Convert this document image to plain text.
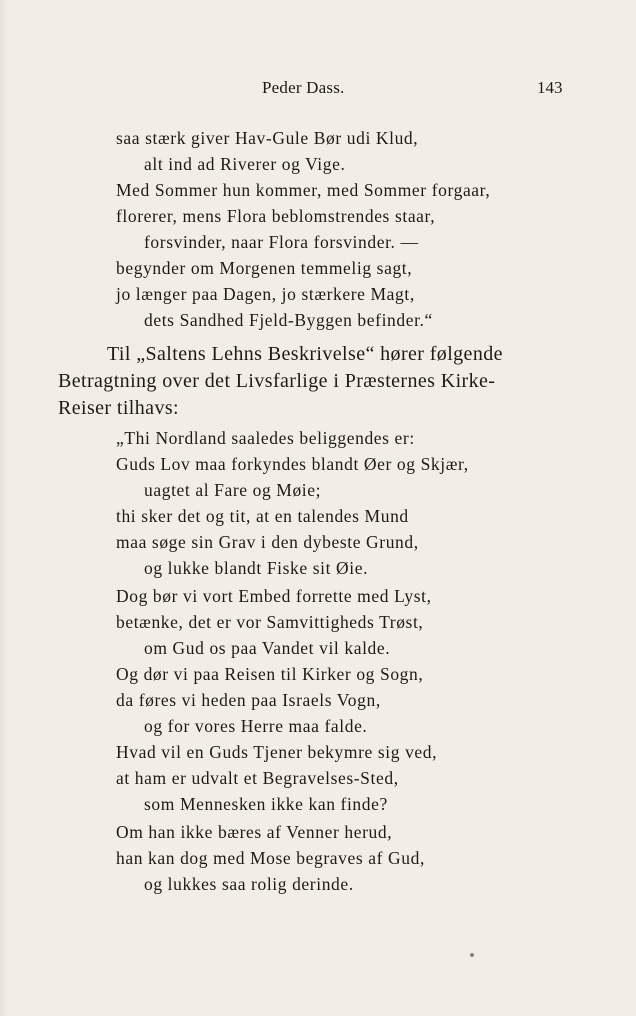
Peder Dass.	143
saa stærk giver Hav-Gule Bør udi Klud,
alt ind ad Riverer og Vige.
Med Sommer hun kommer, med Sommer forgaar,
florerer, mens Flora beblomstrendes staar,
forsvinder, naar Flora forsvinder. —
begynder om Morgenen temmelig sagt,
jo længer paa Dagen, jo stærkere Magt,
dets Sandhed Fjeld-Byggen befinder.“
Til „Saltens Lehns Beskrivelse“ hører følgende
Betragtning over det Livsfarlige i Præsternes Kirke-
Reiser tilhavs:
„Thi Nordland saaledes beliggendes er:
Guds Lov maa forkyndes blandt Øer og Skjær,
uagtet al Fare og Møie;
thi sker det og tit, at en talendes Mund
maa søge sin Grav i den dybeste Grund,
og lukke blandt Fiske sit Øie.
Dog bør vi vort Embed forrette med Lyst,
betænke, det er vor Samvittigheds Trøst,
om Gud os paa Vandet vil kalde.
Og dør vi paa Reisen til Kirker og Sogn,
da føres vi heden paa Israels Vogn,
og for vores Herre maa falde.
Hvad vil en Guds Tjener bekymre sig ved,
at ham er udvalt et Begravelses-Sted,
som Mennesken ikke kan finde?
Om han ikke bæres af Venner herud,
han kan dog med Mose begraves af Gud,
og lukkes saa rolig derinde.
